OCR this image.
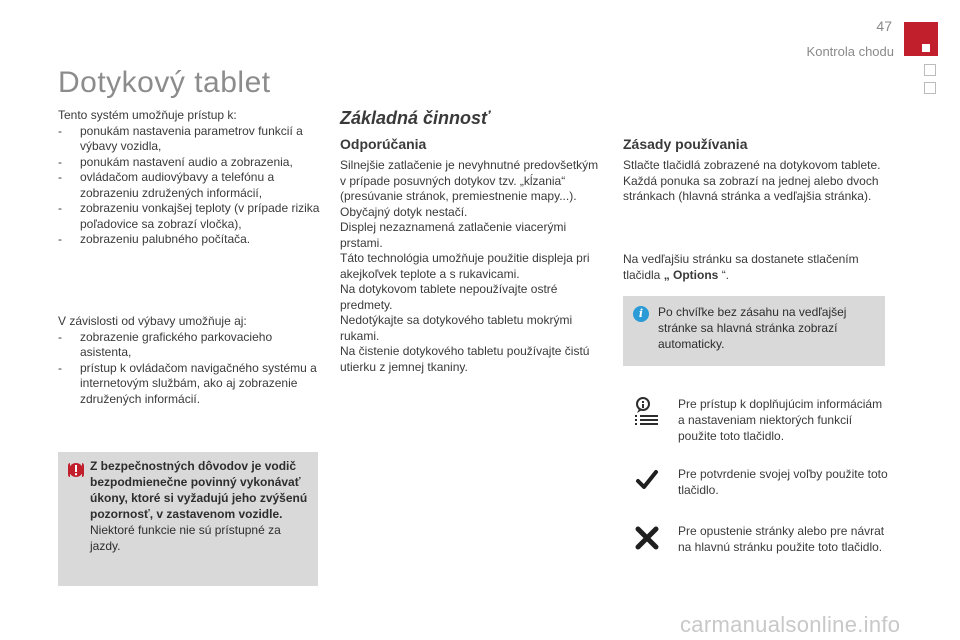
47
Kontrola chodu
Dotykový tablet

Tento systém umožňuje prístup k:

-	ponukám nastavenia parametrov funkcií a výbavy vozidla,
-	ponukám nastavení audio a zobrazenia,
-	ovládačom audiovýbavy a telefónu a zobrazeniu združených informácií,
-	zobrazeniu vonkajšej teploty (v prípade rizika poľadovice sa zobrazí vločka),
-	zobrazeniu palubného počítača.

V závislosti od výbavy umožňuje aj:

-	zobrazenie grafického parkovacieho asistenta,
-	prístup k ovládačom navigačného systému a internetovým službám, ako aj zobrazenie združených informácií.
Z bezpečnostných dôvodov je vodič bezpodmienečne povinný vykonávať úkony, ktoré si vyžadujú jeho zvýšenú pozornosť, v zastavenom vozidle.
Niektoré funkcie nie sú prístupné za jazdy.
Základná činnosť
Odporúčania

Silnejšie zatlačenie je nevyhnutné predovšetkým v prípade posuvných dotykov tzv. „kĺzania“ (presúvanie stránok, premiestnenie mapy...). Obyčajný dotyk nestačí.

Displej nezaznamená zatlačenie viacerými prstami.

Táto technológia umožňuje použitie displeja pri akejkoľvek teplote a s rukavicami.

Na dotykovom tablete nepoužívajte ostré predmety.

Nedotýkajte sa dotykového tabletu mokrými rukami.

Na čistenie dotykového tabletu používajte čistú utierku z jemnej tkaniny.

Zásady používania

Stlačte tlačidlá zobrazené na dotykovom tablete.

Každá ponuka sa zobrazí na jednej alebo dvoch stránkach (hlavná stránka a vedľajšia stránka).

Na vedľajšiu stránku sa dostanete stlačením tlačidla „ Options “.

i	Po chvíľke bez zásahu na vedľajšej stránke sa hlavná stránka zobrazí automaticky.
Pre prístup k doplňujúcim informáciám a nastaveniam niektorých funkcií použite toto tlačidlo.
Pre potvrdenie svojej voľby použite toto tlačidlo.
Pre opustenie stránky alebo pre návrat na hlavnú stránku použite toto tlačidlo.
carmanualsonline.info
